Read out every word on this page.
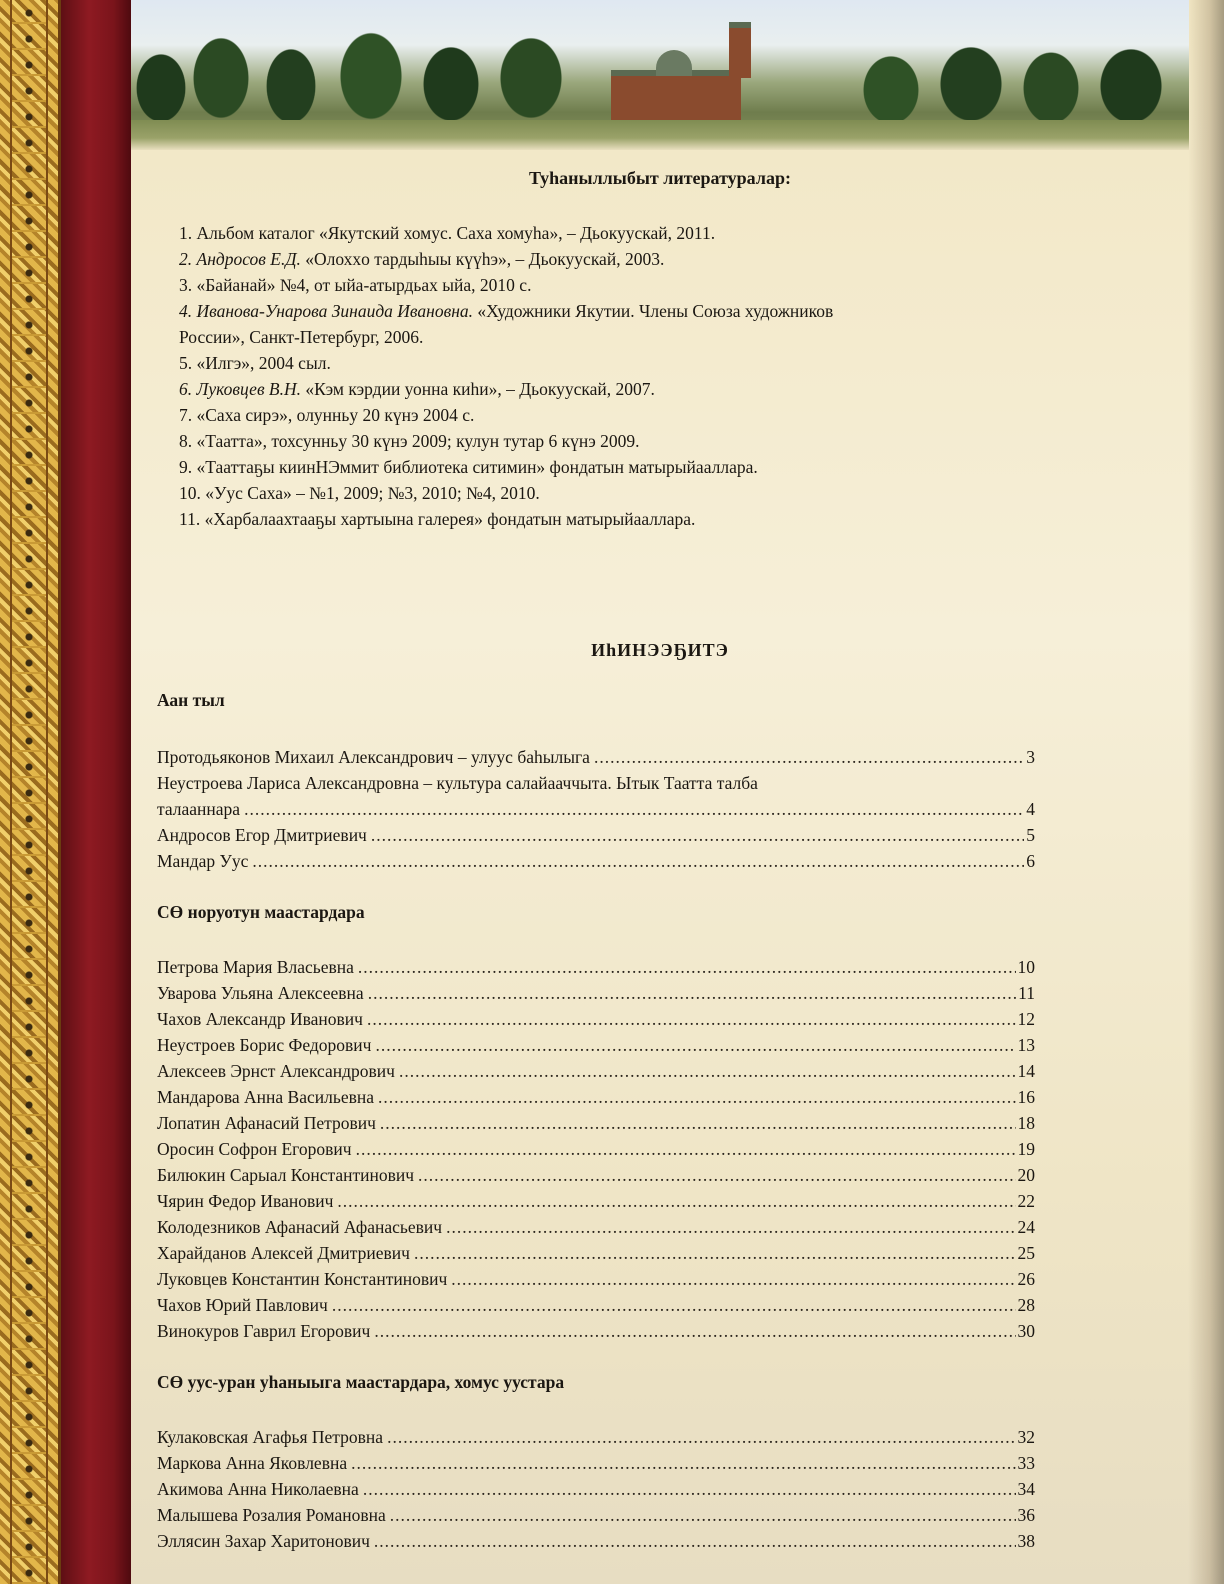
Туһаныллыбыт литературалар:
1. Альбом каталог «Якутский хомус. Саха хомуһа», – Дьокуускай, 2011.
2. Андросов Е.Д. «Олохxо тардыһыы күүһэ», – Дьокуускай, 2003.
3. «Байанай» №4, от ыйа-атырдьах ыйа, 2010 с.
4. Иванова-Унарова Зинаида Ивановна. «Художники Якутии. Члены Союза художников
России», Санкт-Петербург, 2006.
5. «Илгэ», 2004 сыл.
6. Луковцев В.Н. «Кэм кэрдии уонна киһи», – Дьокуускай, 2007.
7. «Саха сирэ», олунньу 20 күнэ 2004 с.
8. «Таатта», тохсунньу 30 күнэ 2009; кулун тутар 6 күнэ 2009.
9. «Тааттаҕы киинНЭммит библиотека ситимин» фондатын матырыйааллара.
10. «Уус Саха» – №1, 2009; №3, 2010; №4, 2010.
11. «Харбалаахтааҕы хартыына галерея» фондатын матырыйааллара.
ИһИНЭЭҔИТЭ
Аан тыл
Протодьяконов Михаил Александрович – улуус баһылыга .....	3
Неустроева Лариса Александровна – культура салайааччыта. Ытык Таатта талба
талааннара .....	4
Андросов Егор Дмитриевич .....	5
Мандар Уус .....	6
СӨ норуотун маастардара
Петрова Мария Власьевна .....	10
Уварова Ульяна Алексеевна .....	11
Чахов Александр Иванович .....	12
Неустроев Борис Федорович .....	13
Алексеев Эрнст Александрович .....	14
Мандарова Анна Васильевна .....	16
Лопатин Афанасий Петрович .....	18
Оросин Софрон Егорович .....	19
Билюкин Сарыал Константинович .....	20
Чярин Федор Иванович .....	22
Колодезников Афанасий Афанасьевич .....	24
Харайданов Алексей Дмитриевич .....	25
Луковцев Константин Константинович .....	26
Чахов Юрий Павлович .....	28
Винокуров Гаврил Егорович .....	30
СӨ уус-уран уһаныыга маастардара, хомус уустара
Кулаковская Агафья Петровна .....	32
Маркова Анна Яковлевна .....	33
Акимова Анна Николаевна .....	34
Малышева Розалия Романовна .....	36
Эллясин Захар Харитонович .....	38
